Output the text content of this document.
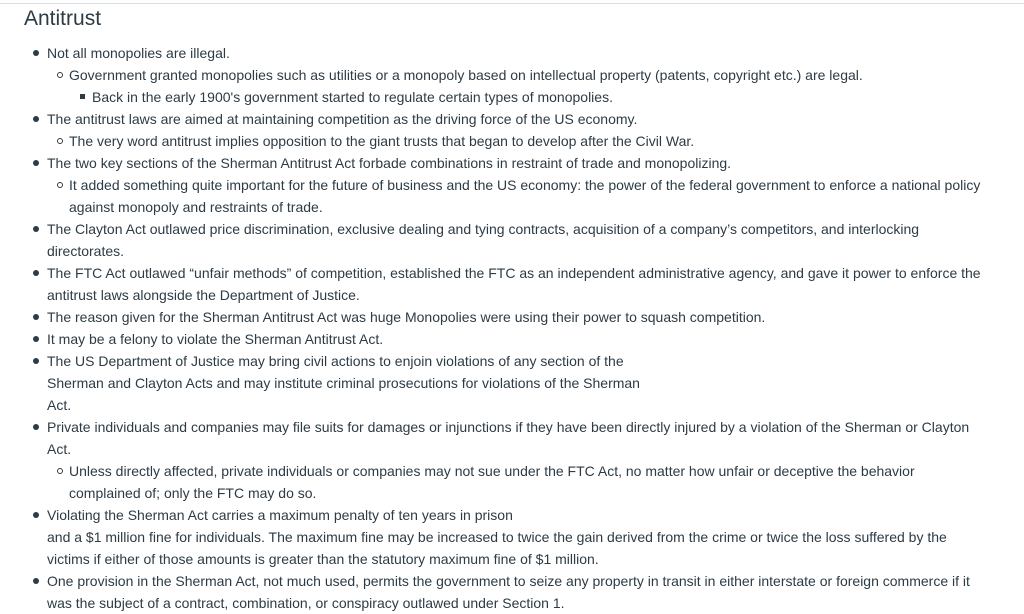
Antitrust
Not all monopolies are illegal.
Government granted monopolies such as utilities or a monopoly based on intellectual property (patents, copyright etc.) are legal.
Back in the early 1900's government started to regulate certain types of monopolies.
The antitrust laws are aimed at maintaining competition as the driving force of the US economy.
The very word antitrust implies opposition to the giant trusts that began to develop after the Civil War.
The two key sections of the Sherman Antitrust Act forbade combinations in restraint of trade and monopolizing.
It added something quite important for the future of business and the US economy: the power of the federal government to enforce a national policy
against monopoly and restraints of trade.
The Clayton Act outlawed price discrimination, exclusive dealing and tying contracts, acquisition of a company’s competitors, and interlocking
directorates.
The FTC Act outlawed “unfair methods” of competition, established the FTC as an independent administrative agency, and gave it power to enforce the
antitrust laws alongside the Department of Justice.
The reason given for the Sherman Antitrust Act was huge Monopolies were using their power to squash competition.
It may be a felony to violate the Sherman Antitrust Act.
The US Department of Justice may bring civil actions to enjoin violations of any section of the
Sherman and Clayton Acts and may institute criminal prosecutions for violations of the Sherman
Act.
Private individuals and companies may file suits for damages or injunctions if they have been directly injured by a violation of the Sherman or Clayton
Act.
Unless directly affected, private individuals or companies may not sue under the FTC Act, no matter how unfair or deceptive the behavior
complained of; only the FTC may do so.
Violating the Sherman Act carries a maximum penalty of ten years in prison
and a $1 million fine for individuals. The maximum fine may be increased to twice the gain derived from the crime or twice the loss suffered by the
victims if either of those amounts is greater than the statutory maximum fine of $1 million.
One provision in the Sherman Act, not much used, permits the government to seize any property in transit in either interstate or foreign commerce if it
was the subject of a contract, combination, or conspiracy outlawed under Section 1.
